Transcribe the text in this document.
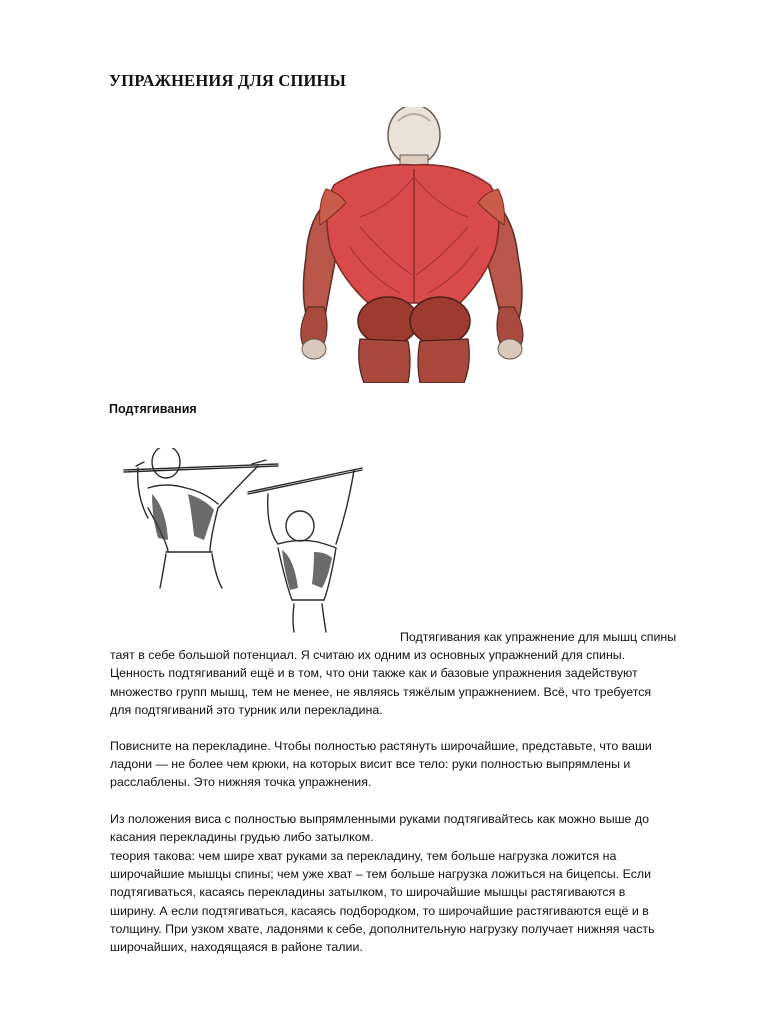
УПРАЖНЕНИЯ ДЛЯ СПИНЫ
Подтягивания

Подтягивания как упражнение для мышц спины
таят в себе большой потенциал. Я считаю их одним из основных упражнений для спины.
Ценность подтягиваний ещё и в том, что они также как и базовые упражнения задействуют
множество групп мышц, тем не менее, не являясь тяжёлым упражнением. Всё, что требуется
для подтягиваний это турник или перекладина.

Повисните на перекладине. Чтобы полностью растянуть широчайшие, представьте, что ваши
ладони — не более чем крюки, на которых висит все тело: руки полностью выпрямлены и
расслаблены. Это нижняя точка упражнения.

Из положения виса с полностью выпрямленными руками подтягивайтесь как можно выше до
касания перекладины грудью либо затылком.

теория такова: чем шире хват руками за перекладину, тем больше нагрузка ложится на
широчайшие мышцы спины; чем уже хват – тем больше нагрузка ложиться на бицепсы. Если
подтягиваться, касаясь перекладины затылком, то широчайшие мышцы растягиваются в
ширину. А если подтягиваться, касаясь подбородком, то широчайшие растягиваются ещё и в
толщину. При узком хвате, ладонями к себе, дополнительную нагрузку получает нижняя часть
широчайших, находящаяся в районе талии.
